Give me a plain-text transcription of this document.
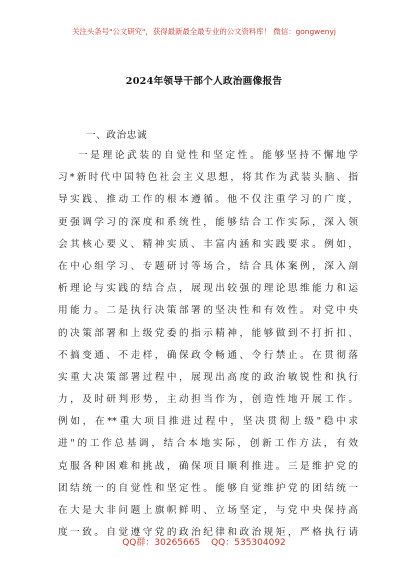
关注头条号"公文研究"，获得最新最全最专业的公文资料库！ 微信：gongwenyj
2024年领导干部个人政治画像报告
一、政治忠诚
一是理论武装的自觉性和坚定性。能够坚持不懈地学
习*新时代中国特色社会主义思想，将其作为武装头脑、指
导实践、推动工作的根本遵循。他不仅注重学习的广度，
更强调学习的深度和系统性，能够结合工作实际，深入领
会其核心要义、精神实质、丰富内涵和实践要求。例如，
在中心组学习、专题研讨等场合，结合具体案例，深入剖
析理论与实践的结合点，展现出较强的理论思维能力和运
用能力。二是执行决策部署的坚决性和有效性。对党中央
的决策部署和上级党委的指示精神，能够做到不打折扣、
不搞变通、不走样，确保政令畅通、令行禁止。在贯彻落
实重大决策部署过程中，展现出高度的政治敏锐性和执行
力，及时研判形势，主动担当作为，创造性地开展工作。
例如，在**重大项目推进过程中，坚决贯彻上级"稳中求
进"的工作总基调，结合本地实际，创新工作方法，有效
克服各种困难和挑战，确保项目顺利推进。三是维护党的
团结统一的自觉性和坚定性。能够自觉维护党的团结统一
在大是大非问题上旗帜鲜明、立场坚定，与党中央保持高
度一致。自觉遵守党的政治纪律和政治规矩，严格执行请
QQ群：30265665 QQ：535304092
